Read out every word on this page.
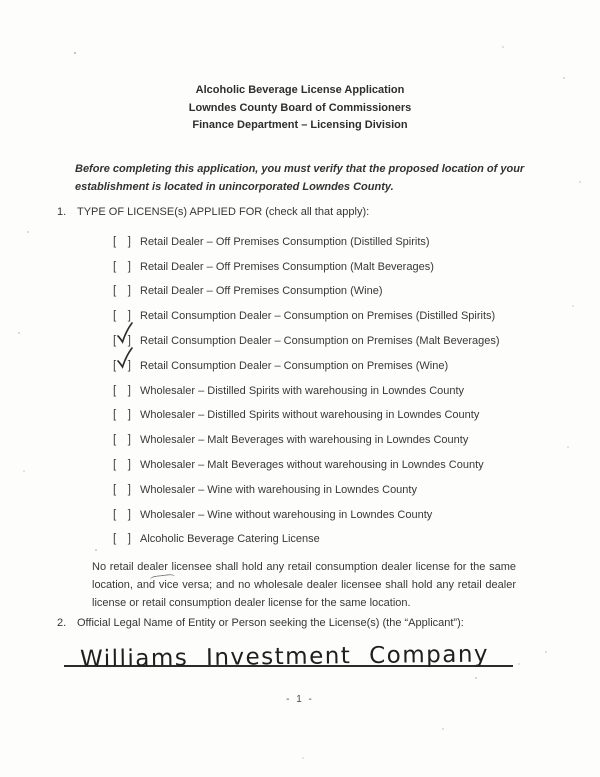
Alcoholic Beverage License Application
Lowndes County Board of Commissioners
Finance Department – Licensing Division

Before completing this application, you must verify that the proposed location of your establishment is located in unincorporated Lowndes County.

1. TYPE OF LICENSE(s) APPLIED FOR (check all that apply):
[ ] Retail Dealer – Off Premises Consumption (Distilled Spirits)
[ ] Retail Dealer – Off Premises Consumption (Malt Beverages)
[ ] Retail Dealer – Off Premises Consumption (Wine)
[ ] Retail Consumption Dealer – Consumption on Premises (Distilled Spirits)
[ ] Retail Consumption Dealer – Consumption on Premises (Malt Beverages)
[ ] Retail Consumption Dealer – Consumption on Premises (Wine)
[ ] Wholesaler – Distilled Spirits with warehousing in Lowndes County
[ ] Wholesaler – Distilled Spirits without warehousing in Lowndes County
[ ] Wholesaler – Malt Beverages with warehousing in Lowndes County
[ ] Wholesaler – Malt Beverages without warehousing in Lowndes County
[ ] Wholesaler – Wine with warehousing in Lowndes County
[ ] Wholesaler – Wine without warehousing in Lowndes County
[ ] Alcoholic Beverage Catering License

No retail dealer licensee shall hold any retail consumption dealer license for the same location, and vice versa; and no wholesale dealer licensee shall hold any retail dealer license or retail consumption dealer license for the same location.

2. Official Legal Name of Entity or Person seeking the License(s) (the “Applicant”):
Williams Investment Company
- 1 -
